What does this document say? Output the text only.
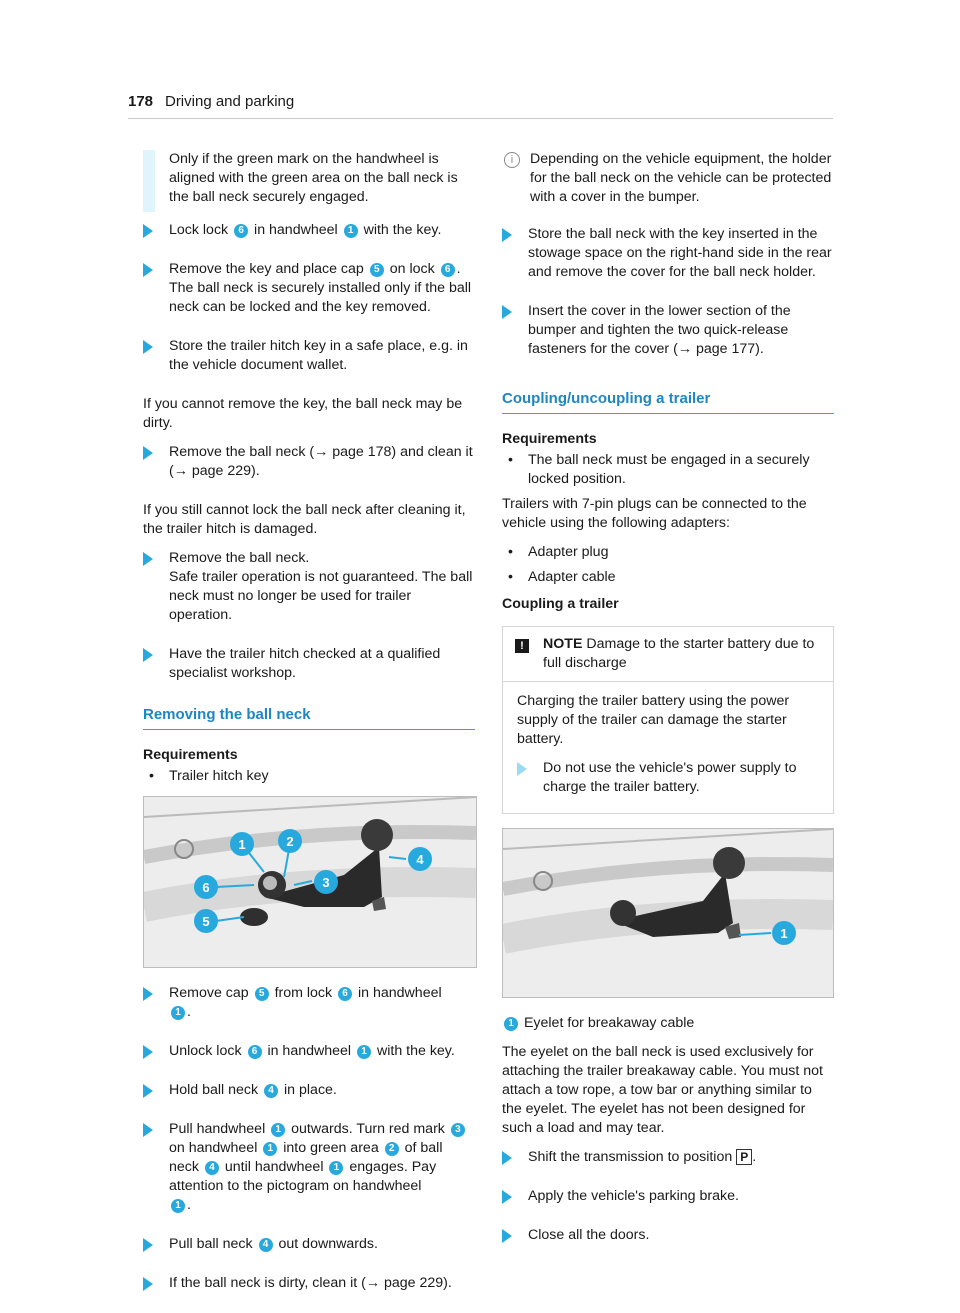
178 Driving and parking
Only if the green mark on the handwheel is aligned with the green area on the ball neck is the ball neck securely engaged.
Lock lock 6 in handwheel 1 with the key.
Remove the key and place cap 5 on lock 6 . The ball neck is securely installed only if the ball neck can be locked and the key removed.
Store the trailer hitch key in a safe place, e.g. in the vehicle document wallet.
If you cannot remove the key, the ball neck may be dirty.
Remove the ball neck (→ page 178) and clean it (→ page 229).
If you still cannot lock the ball neck after cleaning it, the trailer hitch is damaged.
Remove the ball neck.
Safe trailer operation is not guaranteed. The ball neck must no longer be used for trailer operation.
Have the trailer hitch checked at a qualified specialist workshop.
Removing the ball neck
Requirements
• Trailer hitch key
1	2
3
4
5
6
Remove cap 5 from lock 6 in handwheel
1 .
Unlock lock 6 in handwheel 1 with the key.
Hold ball neck 4 in place.
Pull handwheel 1 outwards. Turn red mark 3 on handwheel 1 into green area 2 of ball neck 4 until handwheel 1 engages. Pay attention to the pictogram on handwheel
1 .
Pull ball neck 4 out downwards.
If the ball neck is dirty, clean it (→ page 229).
i	Depending on the vehicle equipment, the holder for the ball neck on the vehicle can be protected with a cover in the bumper.
Store the ball neck with the key inserted in the stowage space on the right-hand side in the rear and remove the cover for the ball neck holder.
Insert the cover in the lower section of the bumper and tighten the two quick-release fasteners for the cover (→ page 177).
Coupling/uncoupling a trailer
Requirements
• The ball neck must be engaged in a securely locked position.
Trailers with 7-pin plugs can be connected to the vehicle using the following adapters:
• Adapter plug
• Adapter cable
Coupling a trailer
!	NOTE Damage to the starter battery due to full discharge
Charging the trailer battery using the power supply of the trailer can damage the starter battery.
Do not use the vehicle's power supply to charge the trailer battery.
1
1 Eyelet for breakaway cable
The eyelet on the ball neck is used exclusively for attaching the trailer breakaway cable. You must not attach a tow rope, a tow bar or anything similar to the eyelet. The eyelet has not been designed for such a load and may tear.
Shift the transmission to position P .
Apply the vehicle's parking brake.
Close all the doors.
